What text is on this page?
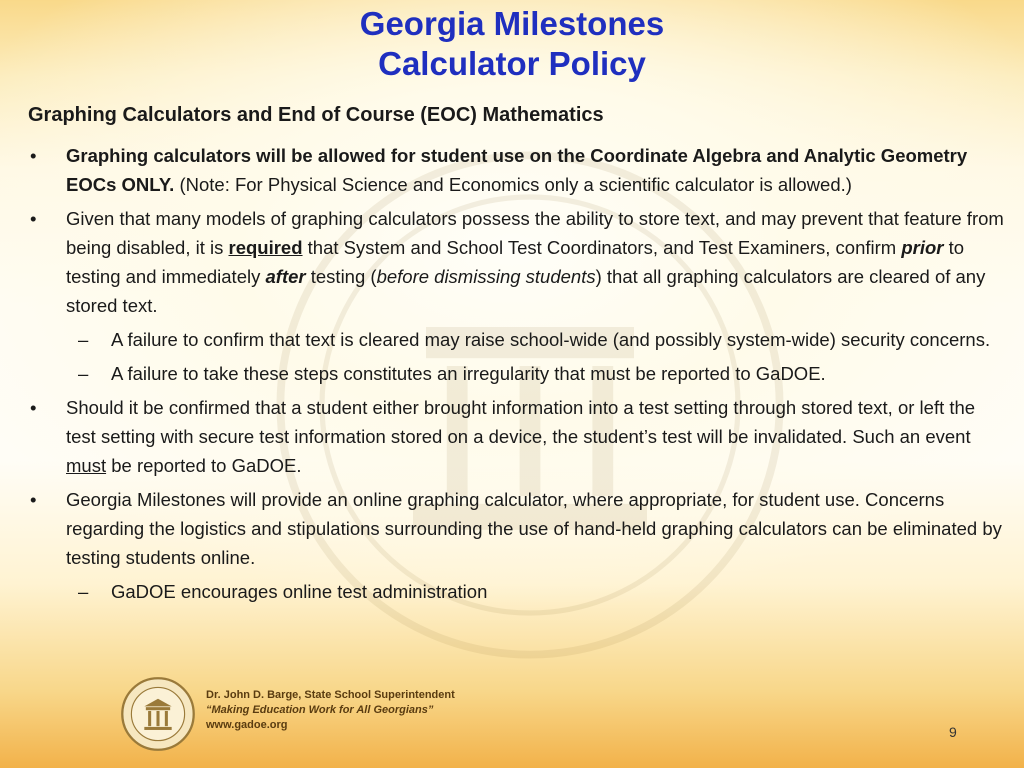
Georgia Milestones
Calculator Policy
Graphing Calculators and End of Course (EOC) Mathematics
• Graphing calculators will be allowed for student use on the Coordinate Algebra and Analytic Geometry EOCs ONLY. (Note: For Physical Science and Economics only a scientific calculator is allowed.)
• Given that many models of graphing calculators possess the ability to store text, and may prevent that feature from being disabled, it is required that System and School Test Coordinators, and Test Examiners, confirm prior to testing and immediately after testing (before dismissing students) that all graphing calculators are cleared of any stored text.
– A failure to confirm that text is cleared may raise school-wide (and possibly system-wide) security concerns.
– A failure to take these steps constitutes an irregularity that must be reported to GaDOE.
• Should it be confirmed that a student either brought information into a test setting through stored text, or left the test setting with secure test information stored on a device, the student’s test will be invalidated. Such an event must be reported to GaDOE.
• Georgia Milestones will provide an online graphing calculator, where appropriate, for student use. Concerns regarding the logistics and stipulations surrounding the use of hand-held graphing calculators can be eliminated by testing students online.
– GaDOE encourages online test administration
Dr. John D. Barge, State School Superintendent
“Making Education Work for All Georgians”
www.gadoe.org	9
